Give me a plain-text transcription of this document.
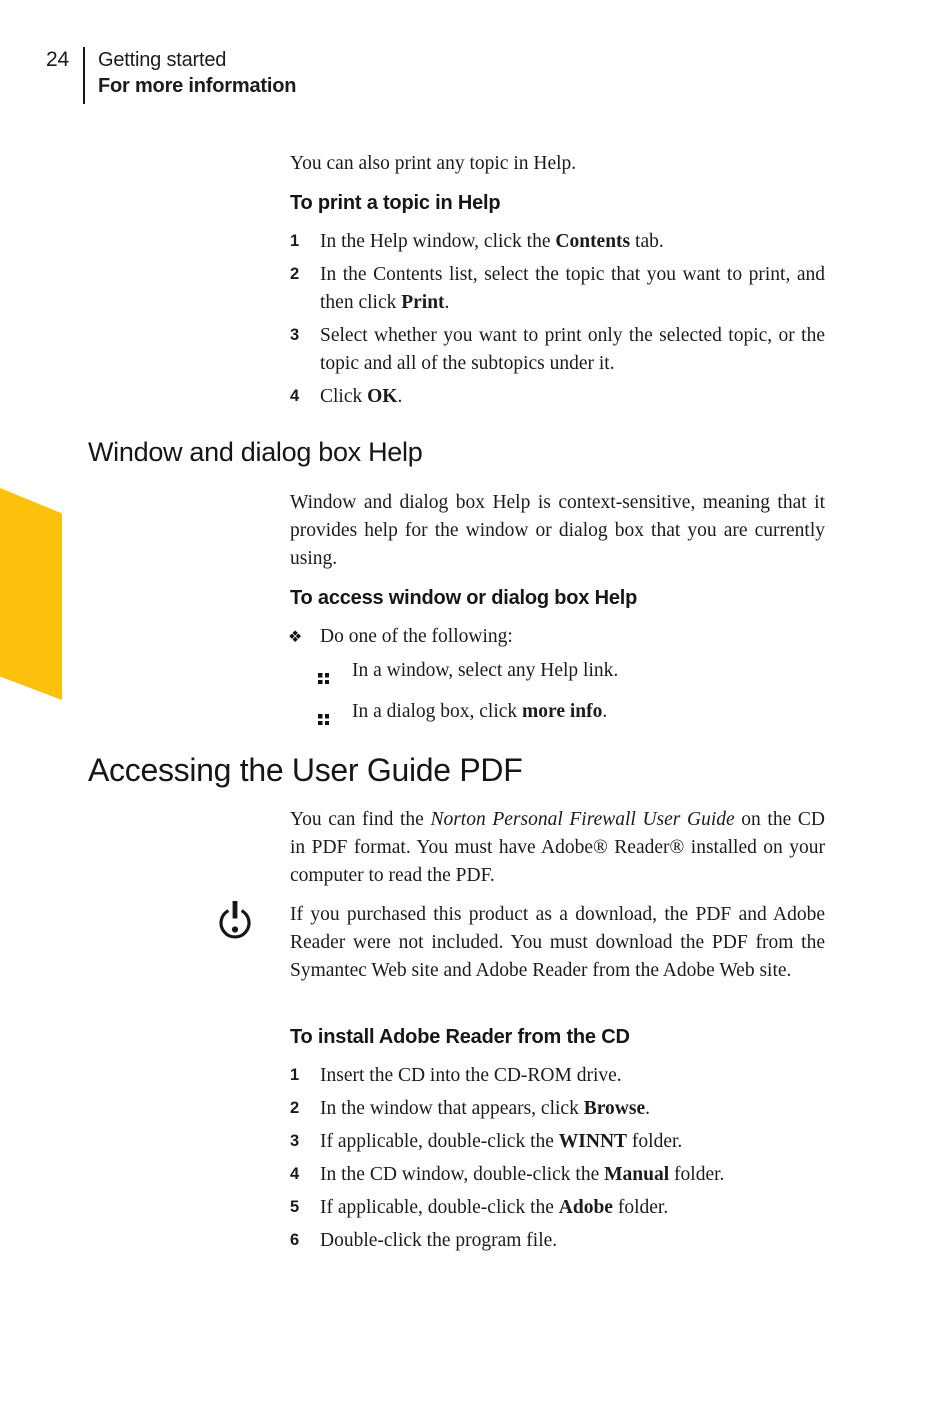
24 Getting started
For more information

You can also print any topic in Help.

To print a topic in Help
1	In the Help window, click the Contents tab.

2	In the Contents list, select the topic that you want to print, and then click Print.

3	Select whether you want to print only the selected topic, or the topic and all of the subtopics under it.

4	Click OK.

Window and dialog box Help

Window and dialog box Help is context-sensitive, meaning that it provides help for the window or dialog box that you are currently using.

To access window or dialog box Help
❖ Do one of the following:

In a window, select any Help link.

In a dialog box, click more info.

Accessing the User Guide PDF

You can find the Norton Personal Firewall User Guide on the CD in PDF format. You must have Adobe® Reader® installed on your computer to read the PDF.

If you purchased this product as a download, the PDF and Adobe Reader were not included. You must download the PDF from the Symantec Web site and Adobe Reader from the Adobe Web site.

To install Adobe Reader from the CD
1	Insert the CD into the CD-ROM drive.

2	In the window that appears, click Browse.

3	If applicable, double-click the WINNT folder.

4	In the CD window, double-click the Manual folder.

5	If applicable, double-click the Adobe folder.

6	Double-click the program file.
